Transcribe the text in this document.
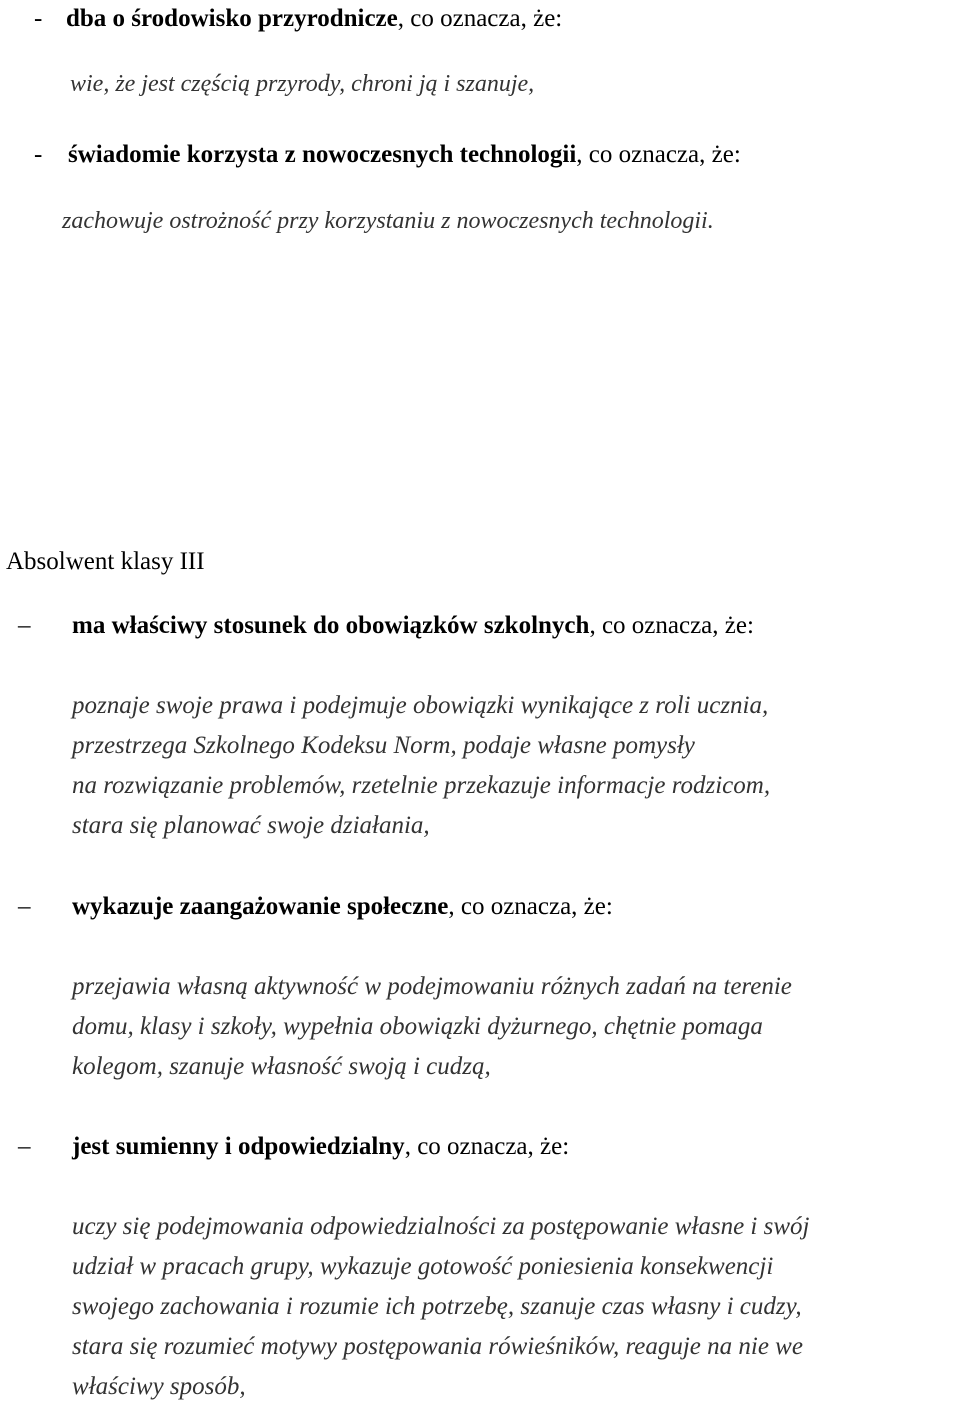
- dba o środowisko przyrodnicze, co oznacza, że:
wie, że jest częścią przyrody, chroni ją i szanuje,
- świadomie korzysta z nowoczesnych technologii, co oznacza, że:
zachowuje ostrożność przy korzystaniu z nowoczesnych technologii.
Absolwent klasy III
– ma właściwy stosunek do obowiązków szkolnych, co oznacza, że:
poznaje swoje prawa i podejmuje obowiązki wynikające z roli ucznia,
przestrzega Szkolnego Kodeksu Norm, podaje własne pomysły
na rozwiązanie problemów, rzetelnie przekazuje informacje rodzicom,
stara się planować swoje działania,
– wykazuje zaangażowanie społeczne, co oznacza, że:
przejawia własną aktywność w podejmowaniu różnych zadań na terenie
domu, klasy i szkoły, wypełnia obowiązki dyżurnego, chętnie pomaga
kolegom, szanuje własność swoją i cudzą,
– jest sumienny i odpowiedzialny, co oznacza, że:
uczy się podejmowania odpowiedzialności za postępowanie własne i swój
udział w pracach grupy, wykazuje gotowość poniesienia konsekwencji
swojego zachowania i rozumie ich potrzebę, szanuje czas własny i cudzy,
stara się rozumieć motywy postępowania rówieśników, reaguje na nie we
właściwy sposób,
